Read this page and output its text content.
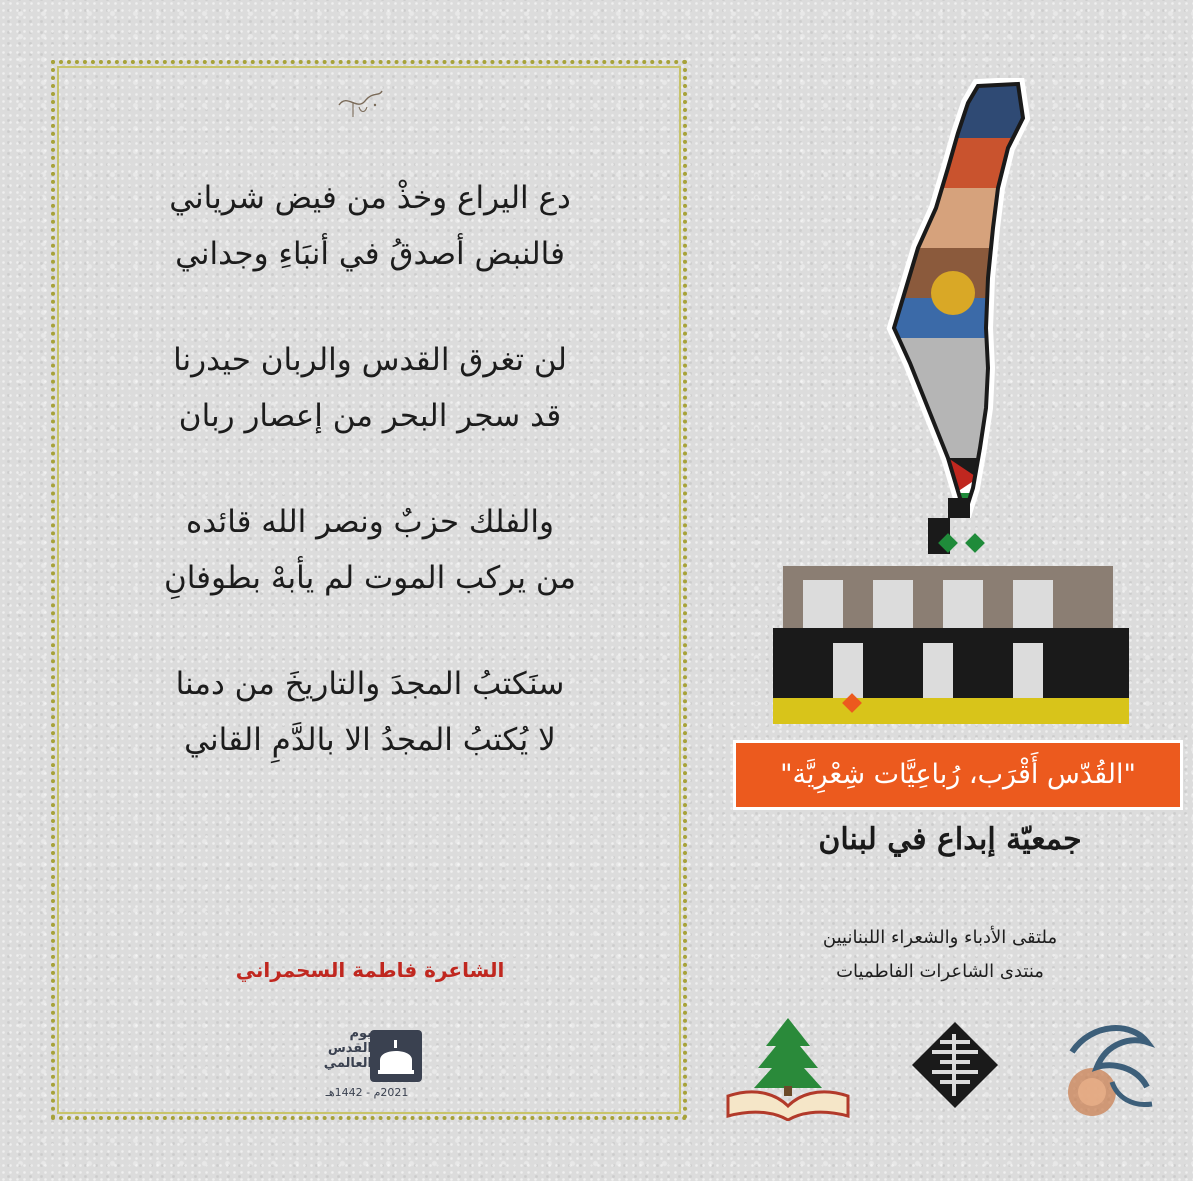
دع اليراع وخذْ من فيض شرياني
فالنبض أصدقُ في أنبَاءِ وجداني
لن تغرق القدس والربان حيدرنا
قد سجر البحر من إعصار ربان
والفلك حزبٌ ونصر الله قائده
من يركب الموت لم يأبهْ بطوفانِ
سنَكتبُ المجدَ والتاريخَ من دمنا
لا يُكتبُ المجدُ الا بالدَّمِ القاني
الشاعرة فاطمة السحمراني
يوم
القدس
العالمي
2021م - 1442هـ
أقرب
القدس
"القُدّس أَقْرَب، رُباعِيَّات شِعْرِيَّة"
جمعيّة إبداع في لبنان
ملتقى الأدباء والشعراء اللبنانيين
منتدى الشاعرات الفاطميات
